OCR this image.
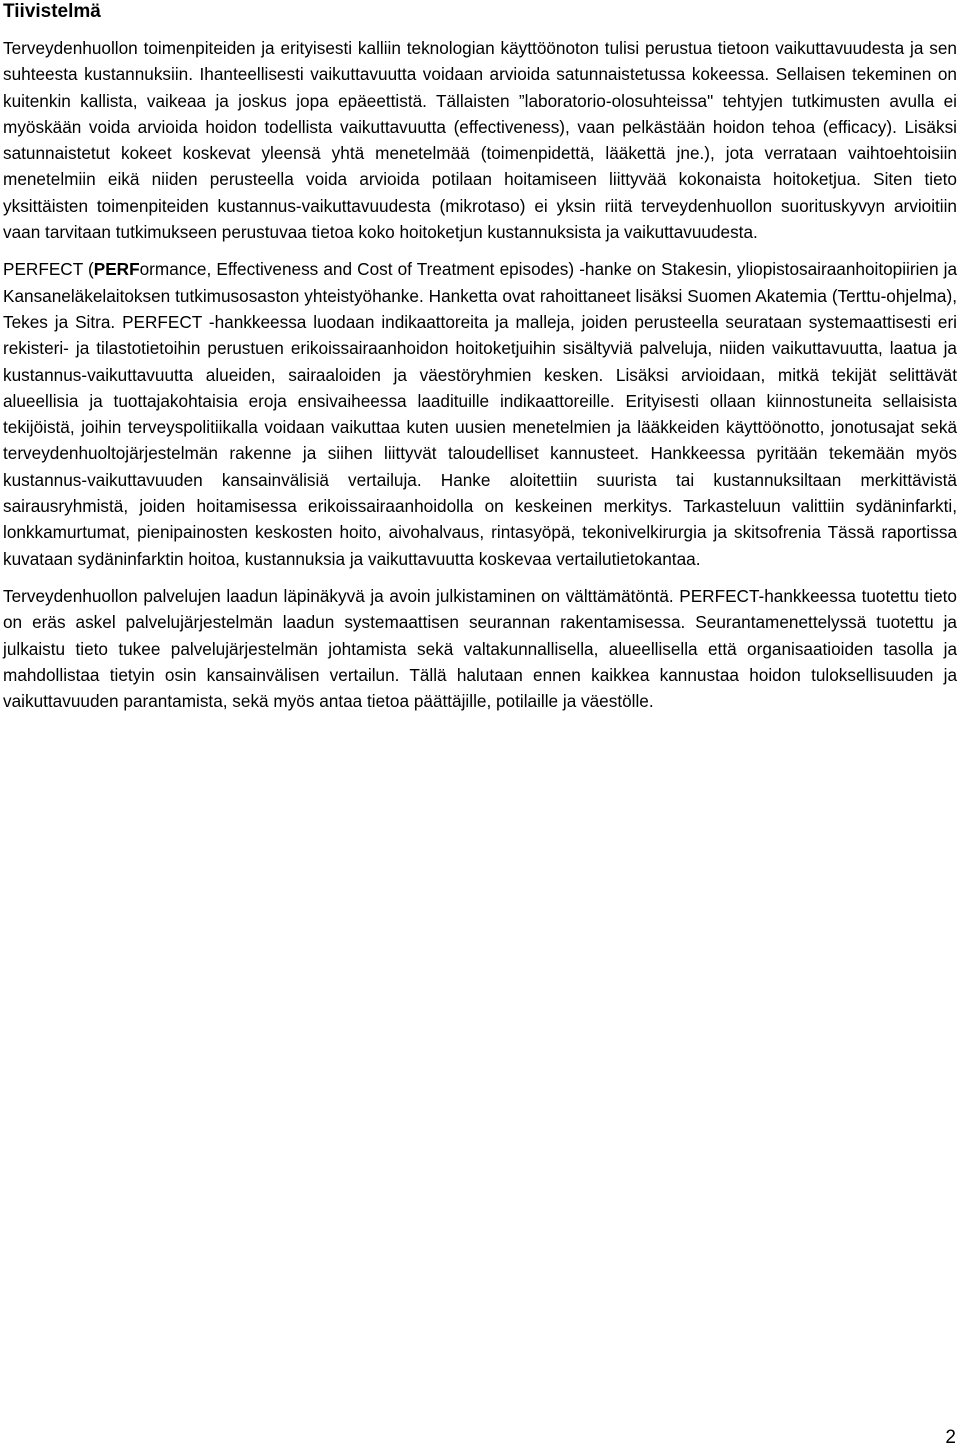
Tiivistelmä

Terveydenhuollon toimenpiteiden ja erityisesti kalliin teknologian käyttöönoton tulisi perustua tietoon vaikuttavuudesta ja sen suhteesta kustannuksiin. Ihanteellisesti vaikuttavuutta voidaan arvioida satunnaistetussa kokeessa. Sellaisen tekeminen on kuitenkin kallista, vaikeaa ja joskus jopa epäeettistä. Tällaisten ”laboratorio-olosuhteissa" tehtyjen tutkimusten avulla ei myöskään voida arvioida hoidon todellista vaikuttavuutta (effectiveness), vaan pelkästään hoidon tehoa (efficacy). Lisäksi satunnaistetut kokeet koskevat yleensä yhtä menetelmää (toimenpidettä, lääkettä jne.), jota verrataan vaihtoehtoisiin menetelmiin eikä niiden perusteella voida arvioida potilaan hoitamiseen liittyvää kokonaista hoitoketjua. Siten tieto yksittäisten toimenpiteiden kustannus-vaikuttavuudesta (mikrotaso) ei yksin riitä terveydenhuollon suorituskyvyn arvioitiin vaan tarvitaan tutkimukseen perustuvaa tietoa koko hoitoketjun kustannuksista ja vaikuttavuudesta.

PERFECT (PERFormance, Effectiveness and Cost of Treatment episodes) -hanke on Stakesin, yliopistosairaanhoitopiirien ja Kansaneläkelaitoksen tutkimusosaston yhteistyöhanke. Hanketta ovat rahoittaneet lisäksi Suomen Akatemia (Terttu-ohjelma), Tekes ja Sitra. PERFECT -hankkeessa luodaan indikaattoreita ja malleja, joiden perusteella seurataan systemaattisesti eri rekisteri- ja tilastotietoihin perustuen erikoissairaanhoidon hoitoketjuihin sisältyviä palveluja, niiden vaikuttavuutta, laatua ja kustannus-vaikuttavuutta alueiden, sairaaloiden ja väestöryhmien kesken. Lisäksi arvioidaan, mitkä tekijät selittävät alueellisia ja tuottajakohtaisia eroja ensivaiheessa laadituille indikaattoreille. Erityisesti ollaan kiinnostuneita sellaisista tekijöistä, joihin terveyspolitiikalla voidaan vaikuttaa kuten uusien menetelmien ja lääkkeiden käyttöönotto, jonotusajat sekä terveydenhuoltojärjestelmän rakenne ja siihen liittyvät taloudelliset kannusteet. Hankkeessa pyritään tekemään myös kustannus-vaikuttavuuden kansainvälisiä vertailuja. Hanke aloitettiin suurista tai kustannuksiltaan merkittävistä sairausryhmistä, joiden hoitamisessa erikoissairaanhoidolla on keskeinen merkitys. Tarkasteluun valittiin sydäninfarkti, lonkkamurtumat, pienipainosten keskosten hoito, aivohalvaus, rintasyöpä, tekonivelkirurgia ja skitsofrenia Tässä raportissa kuvataan sydäninfarktin hoitoa, kustannuksia ja vaikuttavuutta koskevaa vertailutietokantaa.

Terveydenhuollon palvelujen laadun läpinäkyvä ja avoin julkistaminen on välttämätöntä. PERFECT-hankkeessa tuotettu tieto on eräs askel palvelujärjestelmän laadun systemaattisen seurannan rakentamisessa. Seurantamenettelyssä tuotettu ja julkaistu tieto tukee palvelujärjestelmän johtamista sekä valtakunnallisella, alueellisella että organisaatioiden tasolla ja mahdollistaa tietyin osin kansainvälisen vertailun. Tällä halutaan ennen kaikkea kannustaa hoidon tuloksellisuuden ja vaikuttavuuden parantamista, sekä myös antaa tietoa päättäjille, potilaille ja väestölle.

2
